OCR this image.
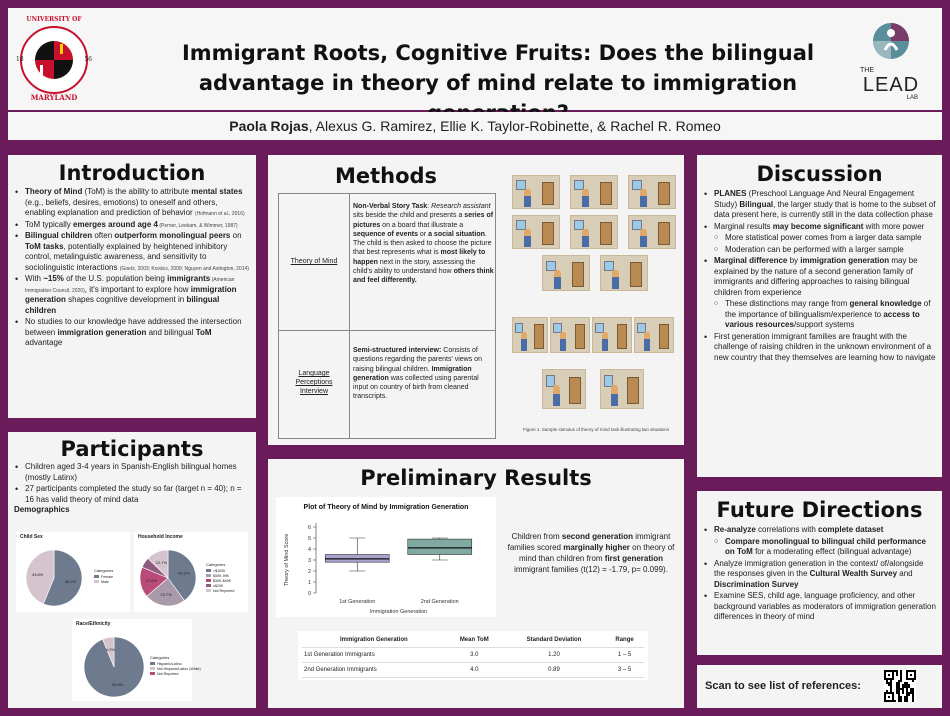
UNIVERSITY OF
18	56
MARYLAND
Immigrant Roots, Cognitive Fruits: Does the bilingual advantage in theory of mind relate to immigration
THE
LEAD
LAB
Paola Rojas, Alexus G. Ramirez, Ellie K. Taylor-Robinette, & Rachel R. Romeo
Introduction
• Theory of Mind (ToM) is the ability to attribute mental states (e.g., beliefs, desires, emotions) to oneself and others, enabling explanation and prediction of behavior (Hofmann et al., 2016)
• ToM typically emerges around age 4 (Perner, Leekam, & Wimmer, 1987)
• Bilingual children often outperform monolingual peers on ToM tasks, potentially explained by heightened inhibitory control, metalinguistic awareness, and sensitivity to sociolinguistic interactions (Goetz, 2003; Kovács, 2009; Nguyen and Astington, 2014)
• With ~15% of the U.S. population being immigrants (American Immigration Council, 2020), it's important to explore how immigration generation shapes cognitive development in bilingual children
• No studies to our knowledge have addressed the intersection between immigration generation and bilingual ToM advantage
Participants
• Children aged 3-4 years in Spanish-English bilingual homes (mostly Latinx)
• 27 participants completed the study so far (target n = 40); n = 16 has valid theory of mind data
Demographics
Child Sex
56.2%
43.8%
Categories
Female
Male
Household Income
40.0%
23.7%
17.6%
12.7%	Categories
>$100K
$50K-99K
$30K-$49K
≤$20K
Not Reported
Race/Ethnicity
93.8%
6.2%
Categories
Hispanic/Latino
Not Hispanic/Latino (White)
Not Reported
Methods
Theory of Mind
Non-Verbal Story Task: Research assistant sits beside the child and presents a series of pictures on a board that illustrate a sequence of events or a social situation. The child is then asked to choose the picture that best represents what is most likely to happen next in the story, assessing the child's ability to understand how others think and feel differently.
Language Perceptions Interview
Semi-structured interview: Consists of questions regarding the parents' views on raising bilingual children. Immigration generation was collected using parental input on country of birth from cleaned transcripts.
Figure 1. Sample stimulus of theory of mind task illustrating two situations
Preliminary Results
Plot of Theory of Mind by Immigration Generation
0
1
2
3
4
5
6
Theory of Mind Score
1st Generation	2nd Generation
Immigration Generation
Children from second generation immigrant families scored marginally higher on theory of mind than children from first generation immigrant families (t(12) = -1.79, p= 0.099).
Immigration Generation	Mean ToM	Standard Deviation	Range
1st Generation Immigrants	3.0	1.20	1 – 5
2nd Generation Immigrants	4.0	0.89	3 – 5
Discussion
• PLANES (Preschool Language And Neural Engagement Study) Bilingual, the larger study that is home to the subset of data present here, is currently still in the data collection phase
• Marginal results may become significant with more power
○ More statistical power comes from a larger data sample
○ Moderation can be performed with a larger sample
• Marginal difference by immigration generation may be explained by the nature of a second generation family of immigrants and differing approaches to raising bilingual children from experience
○ These distinctions may range from general knowledge of the importance of bilingualism/experience to access to various resources/support systems
• First generation immigrant families are fraught with the challenge of raising children in the unknown environment of a new country that they themselves are learning how to navigate
Future Directions
• Re-analyze correlations with complete dataset
○ Compare monolingual to bilingual child performance on ToM for a moderating effect (bilingual advantage)
• Analyze immigration generation in the context/ of/alongside the responses given in the Cultural Wealth Survey and Discrimination Survey
• Examine SES, child age, language proficiency, and other background variables as moderators of immigration generation differences in theory of mind
Scan to see list of references:
